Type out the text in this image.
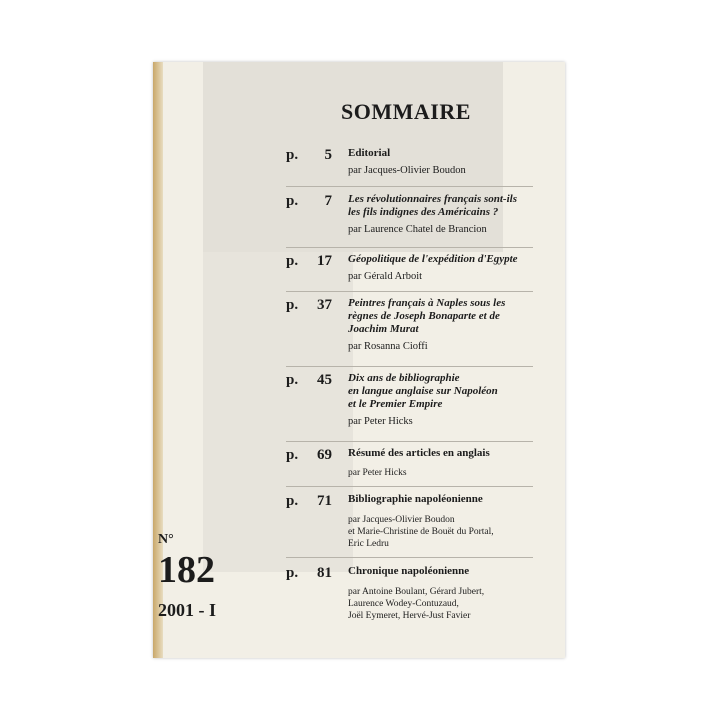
SOMMAIRE
p. 5 Editorial
par Jacques-Olivier Boudon
p. 7 Les révolutionnaires français sont-ils
les fils indignes des Américains ?
par Laurence Chatel de Brancion
p. 17 Géopolitique de l'expédition d'Egypte
par Gérald Arboit
p. 37 Peintres français à Naples sous les
règnes de Joseph Bonaparte et de
Joachim Murat
par Rosanna Cioffi
p. 45 Dix ans de bibliographie
en langue anglaise sur Napoléon
et le Premier Empire
par Peter Hicks
p. 69 Résumé des articles en anglais
par Peter Hicks
p. 71 Bibliographie napoléonienne
par Jacques-Olivier Boudon
et Marie-Christine de Bouët du Portal,
Eric Ledru
p. 81 Chronique napoléonienne
par Antoine Boulant, Gérard Jubert,
Laurence Wodey-Contuzaud,
Joël Eymeret, Hervé-Just Favier
N°
182
2001 - I
